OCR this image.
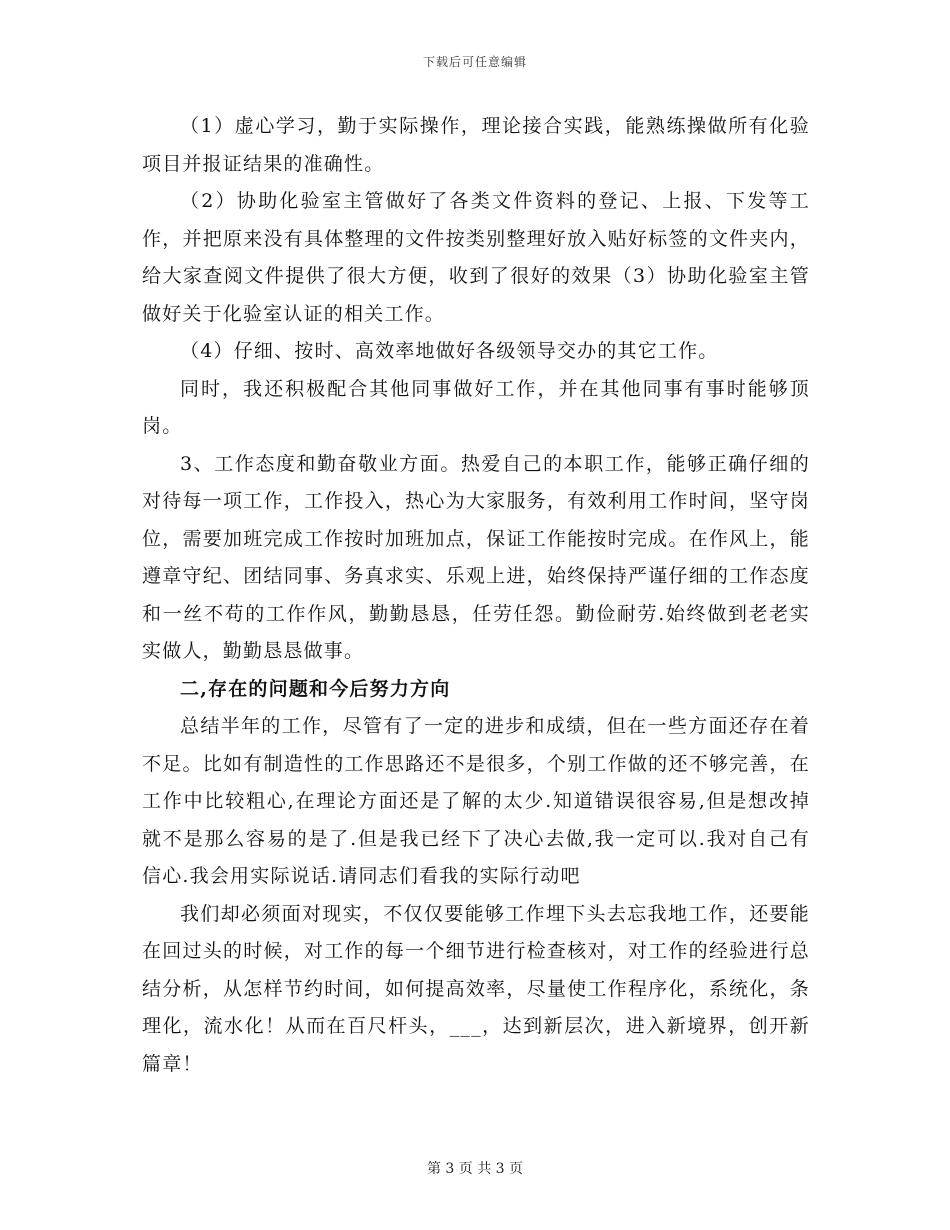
下载后可任意编辑

（1）虚心学习，勤于实际操作，理论接合实践，能熟练操做所有化验项目并报证结果的准确性。

（2）协助化验室主管做好了各类文件资料的登记、上报、下发等工作，并把原来没有具体整理的文件按类别整理好放入贴好标签的文件夹内，给大家查阅文件提供了很大方便，收到了很好的效果（3）协助化验室主管做好关于化验室认证的相关工作。

（4）仔细、按时、高效率地做好各级领导交办的其它工作。

同时，我还积极配合其他同事做好工作，并在其他同事有事时能够顶岗。

3、工作态度和勤奋敬业方面。热爱自己的本职工作，能够正确仔细的对待每一项工作，工作投入，热心为大家服务，有效利用工作时间，坚守岗位，需要加班完成工作按时加班加点，保证工作能按时完成。在作风上，能遵章守纪、团结同事、务真求实、乐观上进，始终保持严谨仔细的工作态度和一丝不苟的工作作风，勤勤恳恳，任劳任怨。勤俭耐劳.始终做到老老实实做人，勤勤恳恳做事。

二,存在的问题和今后努力方向

总结半年的工作，尽管有了一定的进步和成绩，但在一些方面还存在着不足。比如有制造性的工作思路还不是很多，个别工作做的还不够完善，在工作中比较粗心,在理论方面还是了解的太少.知道错误很容易,但是想改掉就不是那么容易的是了.但是我已经下了决心去做,我一定可以.我对自己有信心.我会用实际说话.请同志们看我的实际行动吧

我们却必须面对现实，不仅仅要能够工作埋下头去忘我地工作，还要能在回过头的时候，对工作的每一个细节进行检查核对，对工作的经验进行总结分析，从怎样节约时间，如何提高效率，尽量使工作程序化，系统化，条理化，流水化！从而在百尺杆头，___，达到新层次，进入新境界，创开新篇章！

第 3 页 共 3 页
